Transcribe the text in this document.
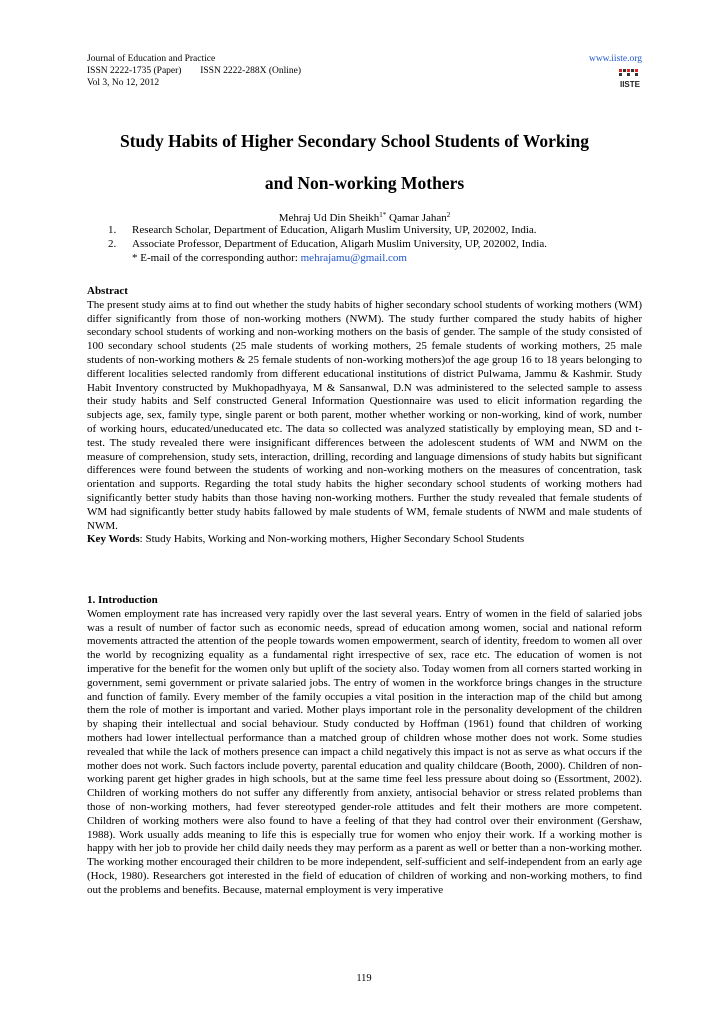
Journal of Education and Practice	www.iiste.org
ISSN 2222-1735 (Paper) ISSN 2222-288X (Online)
Vol 3, No 12, 2012	IISTE
Study Habits of Higher Secondary School Students of Working
and Non-working Mothers
Mehraj Ud Din Sheikh$^{1*}$ Qamar Jahan$^2$
1.	Research Scholar, Department of Education, Aligarh Muslim University, UP, 202002, India.
2.	Associate Professor, Department of Education, Aligarh Muslim University, UP, 202002, India.
* E-mail of the corresponding author: mehrajamu@gmail.com

Abstract

The present study aims at to find out whether the study habits of higher secondary school students of working mothers (WM) differ significantly from those of non-working mothers (NWM). The study further compared the study habits of higher secondary school students of working and non-working mothers on the basis of gender. The sample of the study consisted of 100 secondary school students (25 male students of working mothers, 25 female students of working mothers, 25 male students of non-working mothers & 25 female students of non-working mothers)of the age group 16 to 18 years belonging to different localities selected randomly from different educational institutions of district Pulwama, Jammu & Kashmir. Study Habit Inventory constructed by Mukhopadhyaya, M & Sansanwal, D.N was administered to the selected sample to assess their study habits and Self constructed General Information Questionnaire was used to elicit information regarding the subjects age, sex, family type, single parent or both parent, mother whether working or non-working, kind of work, number of working hours, educated/uneducated etc. The data so collected was analyzed statistically by employing mean, SD and t-test. The study revealed there were insignificant differences between the adolescent students of WM and NWM on the measure of comprehension, study sets, interaction, drilling, recording and language dimensions of study habits but significant differences were found between the students of working and non-working mothers on the measures of concentration, task orientation and supports. Regarding the total study habits the higher secondary school students of working mothers had significantly better study habits than those having non-working mothers. Further the study revealed that female students of WM had significantly better study habits fallowed by male students of WM, female students of NWM and male students of NWM.

Key Words: Study Habits, Working and Non-working mothers, Higher Secondary School Students

1. Introduction

Women employment rate has increased very rapidly over the last several years. Entry of women in the field of salaried jobs was a result of number of factor such as economic needs, spread of education among women, social and national reform movements attracted the attention of the people towards women empowerment, search of identity, freedom to women all over the world by recognizing equality as a fundamental right irrespective of sex, race etc. The education of women is not imperative for the benefit for the women only but uplift of the society also. Today women from all corners started working in government, semi government or private salaried jobs. The entry of women in the workforce brings changes in the structure and function of family. Every member of the family occupies a vital position in the interaction map of the child but among them the role of mother is important and varied. Mother plays important role in the personality development of the children by shaping their intellectual and social behaviour. Study conducted by Hoffman (1961) found that children of working mothers had lower intellectual performance than a matched group of children whose mother does not work. Some studies revealed that while the lack of mothers presence can impact a child negatively this impact is not as serve as what occurs if the mother does not work. Such factors include poverty, parental education and quality childcare (Booth, 2000). Children of non-working parent get higher grades in high schools, but at the same time feel less pressure about doing so (Essortment, 2002). Children of working mothers do not suffer any differently from anxiety, antisocial behavior or stress related problems than those of non-working mothers, had fever stereotyped gender-role attitudes and felt their mothers are more competent. Children of working mothers were also found to have a feeling of that they had control over their environment (Gershaw, 1988). Work usually adds meaning to life this is especially true for women who enjoy their work. If a working mother is happy with her job to provide her child daily needs they may perform as a parent as well or better than a non-working mother. The working mother encouraged their children to be more independent, self-sufficient and self-independent from an early age (Hock, 1980). Researchers got interested in the field of education of children of working and non-working mothers, to find out the problems and benefits. Because, maternal employment is very imperative

119
